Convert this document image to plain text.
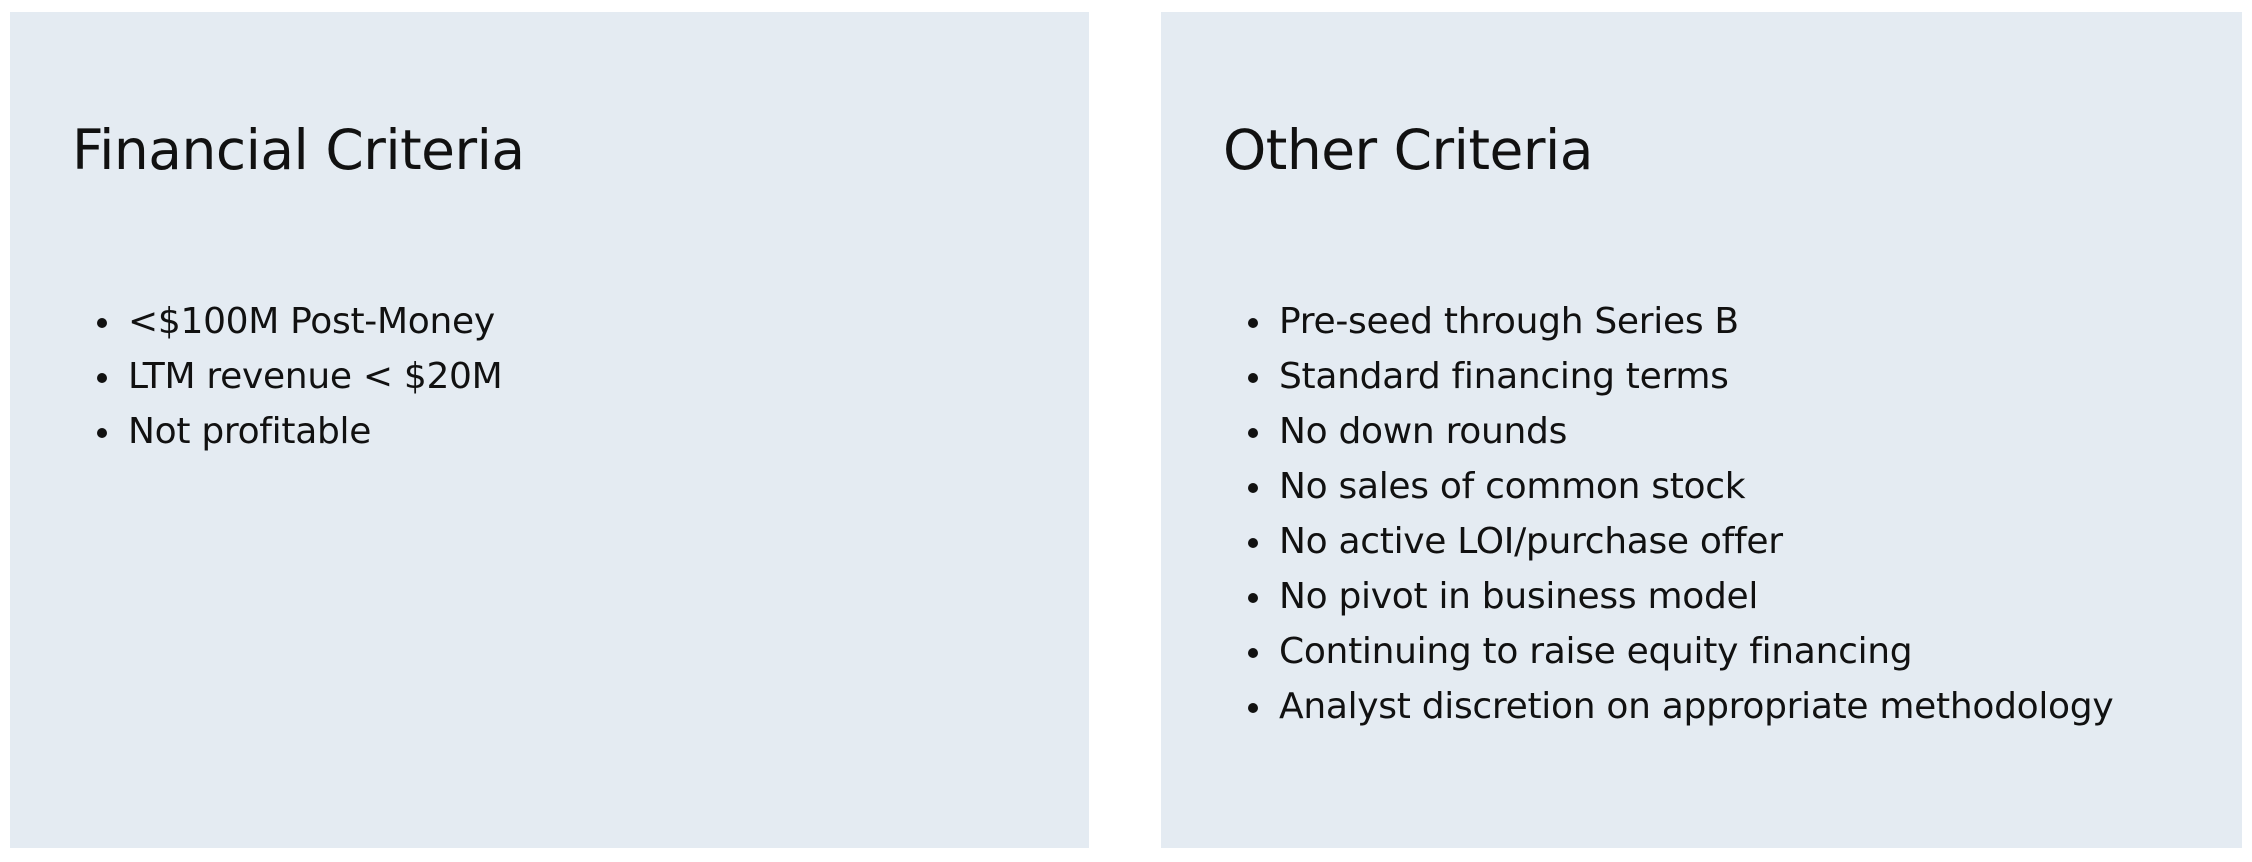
Financial Criteria
<$100M Post-Money
LTM revenue < $20M
Not profitable
Other Criteria
Pre-seed through Series B
Standard financing terms
No down rounds
No sales of common stock
No active LOI/purchase offer
No pivot in business model
Continuing to raise equity financing
Analyst discretion on appropriate methodology
